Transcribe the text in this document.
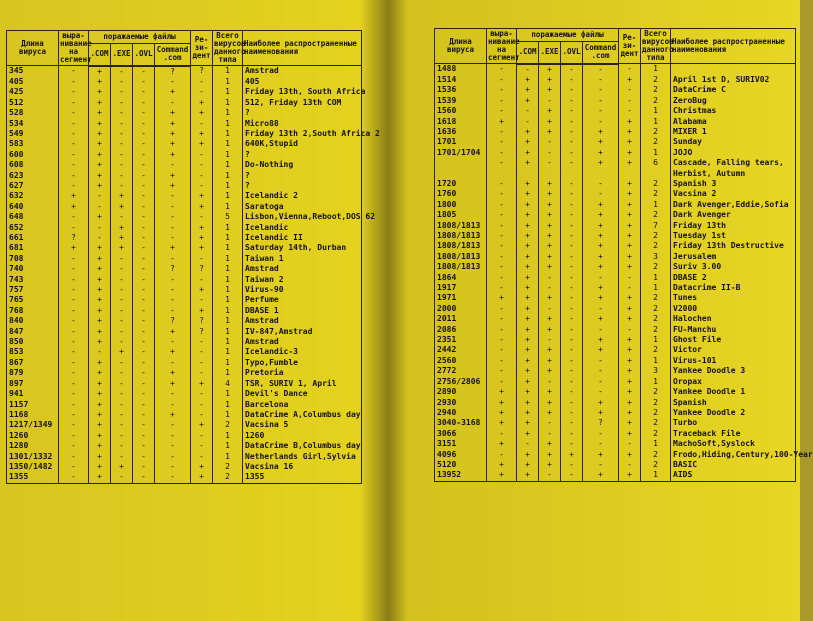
Длина вируса	выра- нивание на сегмент	поражаемые файлы				Ре- зи- дент	Всего вирусов данного типа	Наиболее распространенные наименования
		.COM	.EXE	.OVL	Command .com			
345	-	+	-	-	?	?	1	Amstrad
405	-	+	-	-	-	-	1	405
425	-	+	-	-	+	-	1	Friday 13th, South Africa
512	-	+	-	-	-	+	1	512, Friday 13th COM
528	-	+	-	-	+	+	1	?
534	-	+	-	-	+	-	1	Micro88
549	-	+	-	-	+	+	1	Friday 13th 2,South Africa 2
583	-	+	-	-	+	+	1	640K,Stupid
600	-	+	-	-	+	-	1	?
608	-	+	-	-	-	-	1	Do-Nothing
623	-	+	-	-	+	-	1	?
627	-	+	-	-	+	-	1	?
632	+	-	+	-	-	+	1	Icelandic 2
640	+	-	+	-	-	+	1	Saratoga
648	-	+	-	-	-	-	5	Lisbon,Vienna,Reboot,DOS 62
652	-	-	+	-	-	+	1	Icelandic
661	?	-	+	-	-	+	1	Icelandic II
681	+	+	+	-	+	+	1	Saturday 14th, Durban
708	-	+	-	-	-	-	1	Taiwan 1
740	-	+	-	-	?	?	1	Amstrad
743	-	+	-	-	-	-	1	Taiwan 2
757	-	+	-	-	-	+	1	Virus-90
765	-	+	-	-	-	-	1	Perfume
768	-	+	-	-	-	+	1	DBASE 1
840	-	+	-	-	?	?	1	Amstrad
847	-	+	-	-	+	?	1	IV-847,Amstrad
850	-	+	-	-	-	-	1	Amstrad
853	-	-	+	-	+	-	1	Icelandic-3
867	-	+	-	-	-	-	1	Typo,Fumble
879	-	+	-	-	+	-	1	Pretoria
897	-	+	-	-	+	+	4	TSR, SURIV 1, April
941	-	+	-	-	-	-	1	Devil's Dance
1157	-	+	-	-	-	-	1	Barcelona
1168	-	+	-	-	+	-	1	DataCrime A,Columbus day
1217/1349	-	+	-	-	-	+	2	Vacsina 5
1260	-	+	-	-	-	-	1	1260
1280	-	+	-	-	-	-	1	DataCrime B,Columbus day
1301/1332	-	+	-	-	-	-	1	Netherlands Girl,Sylvia
1350/1482	-	+	+	-	-	+	2	Vacsina 16
1355	-	+	-	-	-	+	2	1355
Длина вируса	выра- нивание на сегмент	поражаемые файлы				Ре- зи- дент	Всего вирусов данного типа	Наиболее распространенные наименования
		.COM	.EXE	.OVL	Command .com			
1488	-	-	+	-	-	-	1	
1514	-	+	+	-	-	+	2	April 1st D, SURIV02
1536	-	+	+	-	-	-	2	DataCrime C
1539	-	+	-	-	-	-	2	ZeroBug
1560	-	-	+	-	-	-	1	Christmas
1618	+	-	+	-	-	+	1	Alabama
1636	-	+	+	-	+	+	2	MIXER 1
1701	-	+	-	-	+	+	2	Sunday
1701/1704	-	+	-	-	+	+	1	JOJO
	-	+	-	-	+	+	6	Cascade, Falling tears,
								Herbist, Autumn
1720	-	+	+	-	-	+	2	Spanish 3
1760	-	+	+	-	-	+	2	Vacsina 2
1800	-	+	+	-	+	+	1	Dark Avenger,Eddie,Sofia
1805	-	+	+	-	+	+	2	Dark Avenger
1808/1813	-	+	+	-	+	+	7	Friday 13th
1808/1813	-	+	+	-	+	+	2	Tuesday 1st
1808/1813	-	+	+	-	+	+	2	Friday 13th Destructive
1808/1813	-	+	+	-	+	+	3	Jerusalem
1808/1813	-	+	+	-	+	+	2	Suriv 3.00
1864	-	+	-	-	-	-	1	DBASE 2
1917	-	+	-	-	+	-	1	Datacrime II-B
1971	+	+	+	-	+	+	2	Tunes
2000	-	+	-	-	-	+	2	V2000
2011	-	+	+	-	+	+	2	Halochen
2086	-	+	+	-	-	-	2	FU-Manchu
2351	-	+	-	-	+	+	1	Ghost File
2442	-	+	+	-	+	+	2	Victor
2560	-	+	+	-	-	+	1	Virus-101
2772	-	+	+	-	-	+	3	Yankee Doodle 3
2756/2806	-	+	-	-	-	+	1	Oropax
2890	+	+	+	-	-	+	2	Yankee Doodle 1
2930	+	+	+	-	+	+	2	Spanish
2940	+	+	+	-	+	+	2	Yankee Doodle 2
3040-3168	+	+	-	-	?	+	2	Turbo
3066	-	+	-	-	-	+	2	Traceback File
3151	+	-	+	-	-	-	1	MachoSoft,Syslock
4096	-	+	+	+	+	+	2	Frodo,Hiding,Century,100-Year
5120	+	+	+	-	-	-	2	BASIC
13952	+	+	-	-	+	+	1	AIDS
